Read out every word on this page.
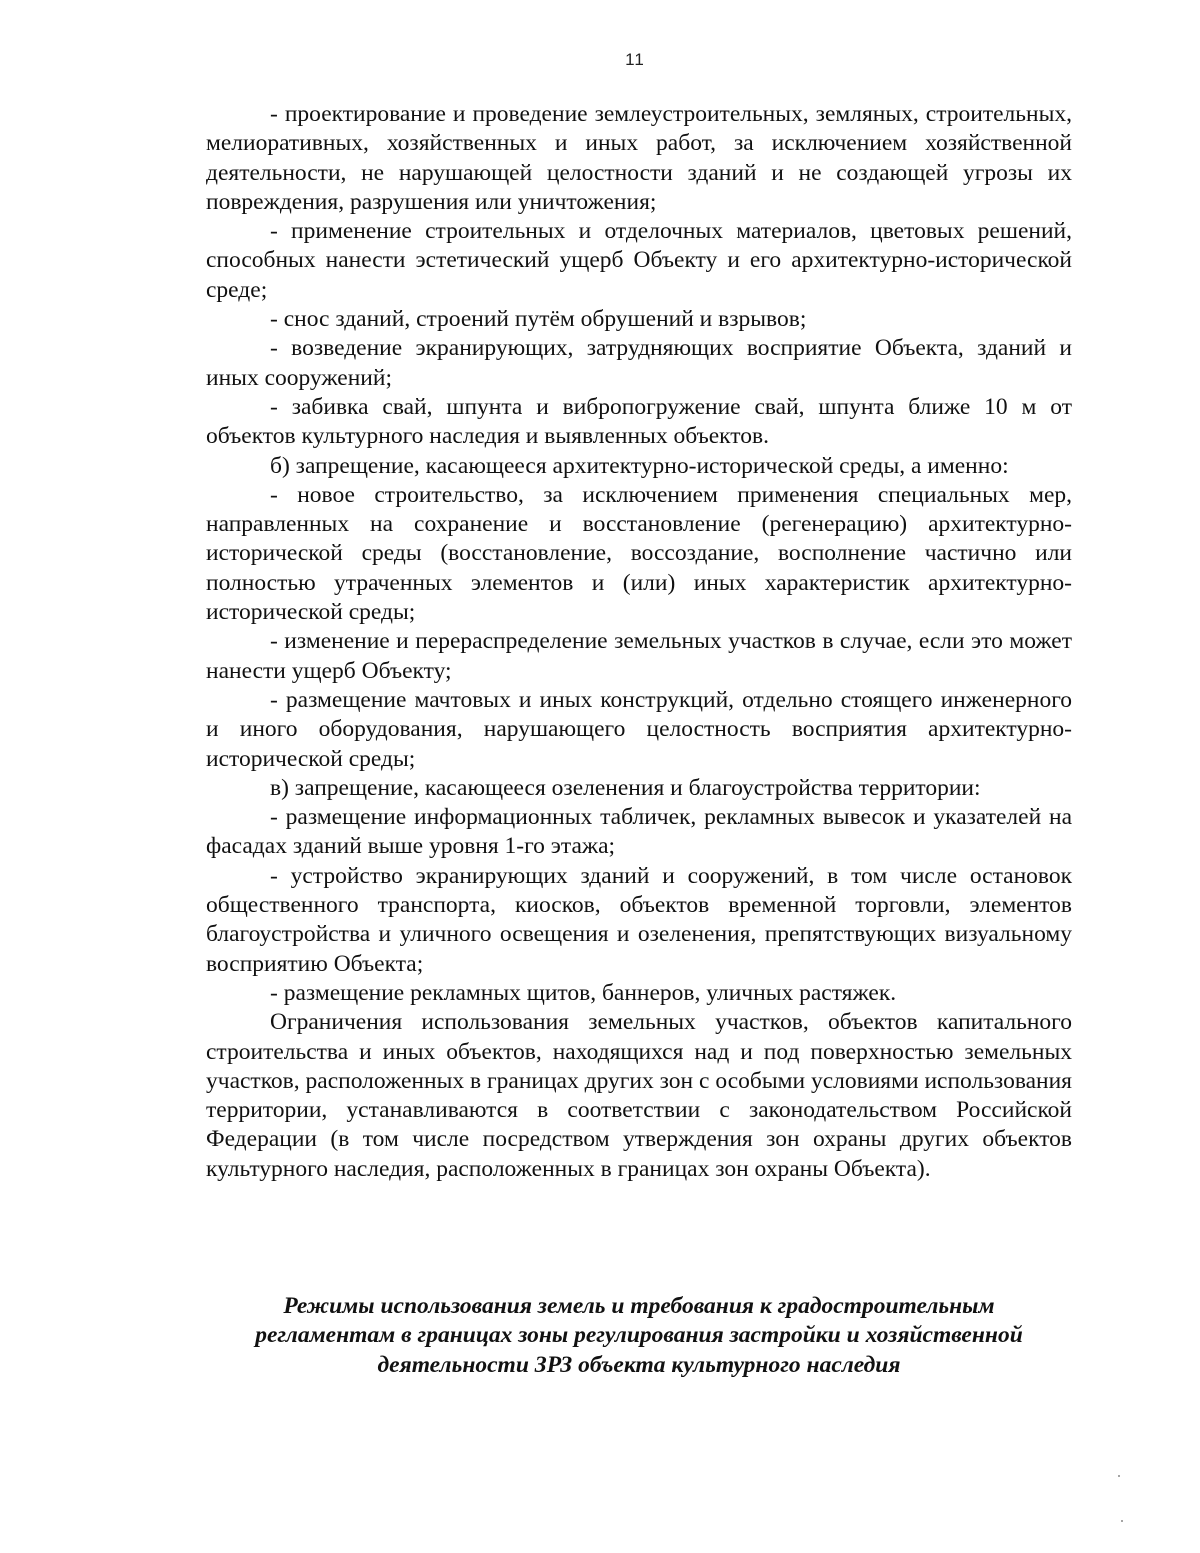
11

- проектирование и проведение землеустроительных, земляных, строительных, мелиоративных, хозяйственных и иных работ, за исключением хозяйственной деятельности, не нарушающей целостности зданий и не создающей угрозы их повреждения, разрушения или уничтожения;

- применение строительных и отделочных материалов, цветовых решений, способных нанести эстетический ущерб Объекту и его архитектурно-исторической среде;

- снос зданий, строений путём обрушений и взрывов;

- возведение экранирующих, затрудняющих восприятие Объекта, зданий и иных сооружений;

- забивка свай, шпунта и вибропогружение свай, шпунта ближе 10 м от объектов культурного наследия и выявленных объектов.

б) запрещение, касающееся архитектурно-исторической среды, а именно:

- новое строительство, за исключением применения специальных мер, направленных на сохранение и восстановление (регенерацию) архитектурно-исторической среды (восстановление, воссоздание, восполнение частично или полностью утраченных элементов и (или) иных характеристик архитектурно-исторической среды;

- изменение и перераспределение земельных участков в случае, если это может нанести ущерб Объекту;

- размещение мачтовых и иных конструкций, отдельно стоящего инженерного и иного оборудования, нарушающего целостность восприятия архитектурно-исторической среды;

в) запрещение, касающееся озеленения и благоустройства территории:

- размещение информационных табличек, рекламных вывесок и указателей на фасадах зданий выше уровня 1-го этажа;

- устройство экранирующих зданий и сооружений, в том числе остановок общественного транспорта, киосков, объектов временной торговли, элементов благоустройства и уличного освещения и озеленения, препятствующих визуальному восприятию Объекта;

- размещение рекламных щитов, баннеров, уличных растяжек.

Ограничения использования земельных участков, объектов капитального строительства и иных объектов, находящихся над и под поверхностью земельных участков, расположенных в границах других зон с особыми условиями использования территории, устанавливаются в соответствии с законодательством Российской Федерации (в том числе посредством утверждения зон охраны других объектов культурного наследия, расположенных в границах зон охраны Объекта).

Режимы использования земель и требования к градостроительным
регламентам в границах зоны регулирования застройки и хозяйственной
деятельности ЗРЗ объекта культурного наследия
